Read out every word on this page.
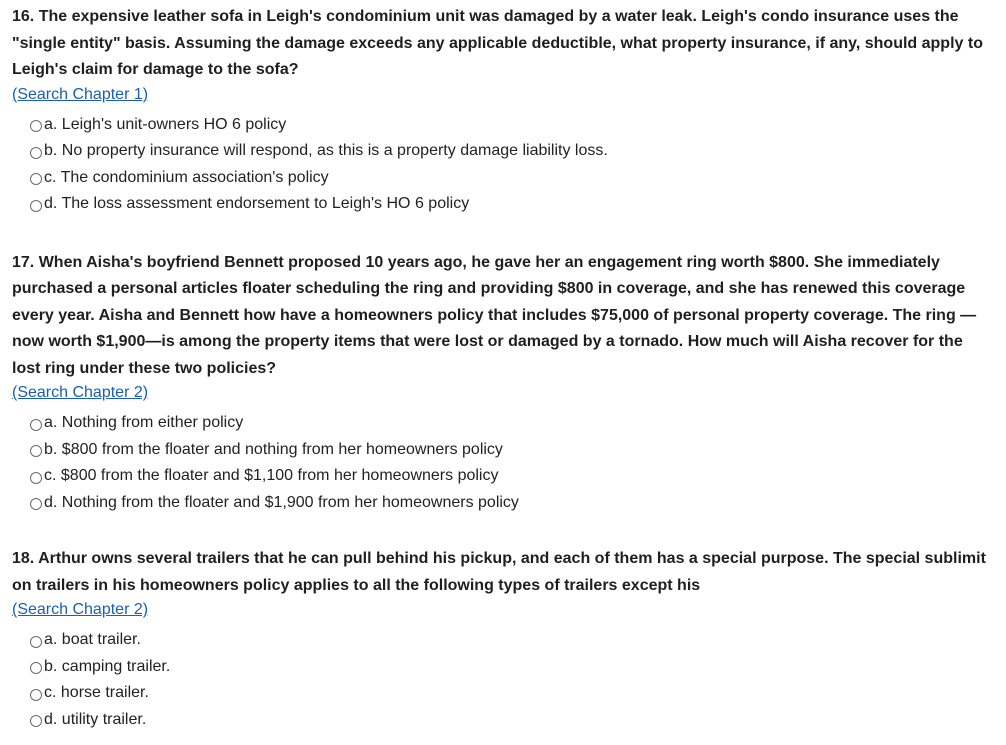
16. The expensive leather sofa in Leigh's condominium unit was damaged by a water leak. Leigh's condo insurance uses the "single entity" basis. Assuming the damage exceeds any applicable deductible, what property insurance, if any, should apply to Leigh's claim for damage to the sofa?

(Search Chapter 1)
a. Leigh's unit-owners HO 6 policy
b. No property insurance will respond, as this is a property damage liability loss.
c. The condominium association's policy
d. The loss assessment endorsement to Leigh's HO 6 policy

17. When Aisha's boyfriend Bennett proposed 10 years ago, he gave her an engagement ring worth $800. She immediately purchased a personal articles floater scheduling the ring and providing $800 in coverage, and she has renewed this coverage every year. Aisha and Bennett how have a homeowners policy that includes $75,000 of personal property coverage. The ring —now worth $1,900—is among the property items that were lost or damaged by a tornado. How much will Aisha recover for the lost ring under these two policies?

(Search Chapter 2)
a. Nothing from either policy
b. $800 from the floater and nothing from her homeowners policy
c. $800 from the floater and $1,100 from her homeowners policy
d. Nothing from the floater and $1,900 from her homeowners policy

18. Arthur owns several trailers that he can pull behind his pickup, and each of them has a special purpose. The special sublimit on trailers in his homeowners policy applies to all the following types of trailers except his

(Search Chapter 2)
a. boat trailer.
b. camping trailer.
c. horse trailer.
d. utility trailer.
